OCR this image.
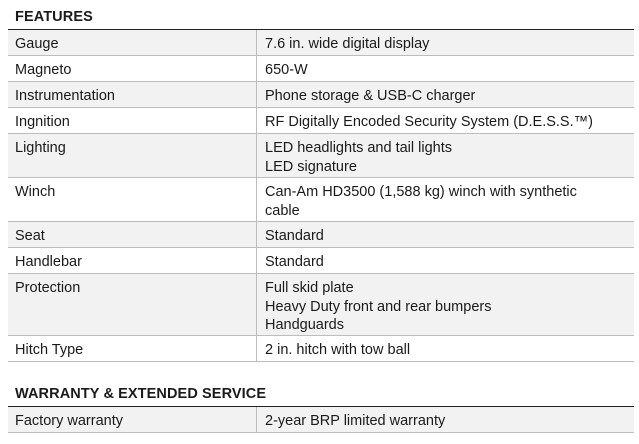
FEATURES
Gauge	7.6 in. wide digital display
Magneto	650-W
Instrumentation	Phone storage & USB-C charger
Ingnition	RF Digitally Encoded Security System (D.E.S.S.™)
Lighting	LED headlights and tail lights
LED signature
Winch	Can-Am HD3500 (1,588 kg) winch with synthetic cable
Seat	Standard
Handlebar	Standard
Protection	Full skid plate
Heavy Duty front and rear bumpers
Handguards
Hitch Type	2 in. hitch with tow ball
WARRANTY & EXTENDED SERVICE
Factory warranty	2-year BRP limited warranty
